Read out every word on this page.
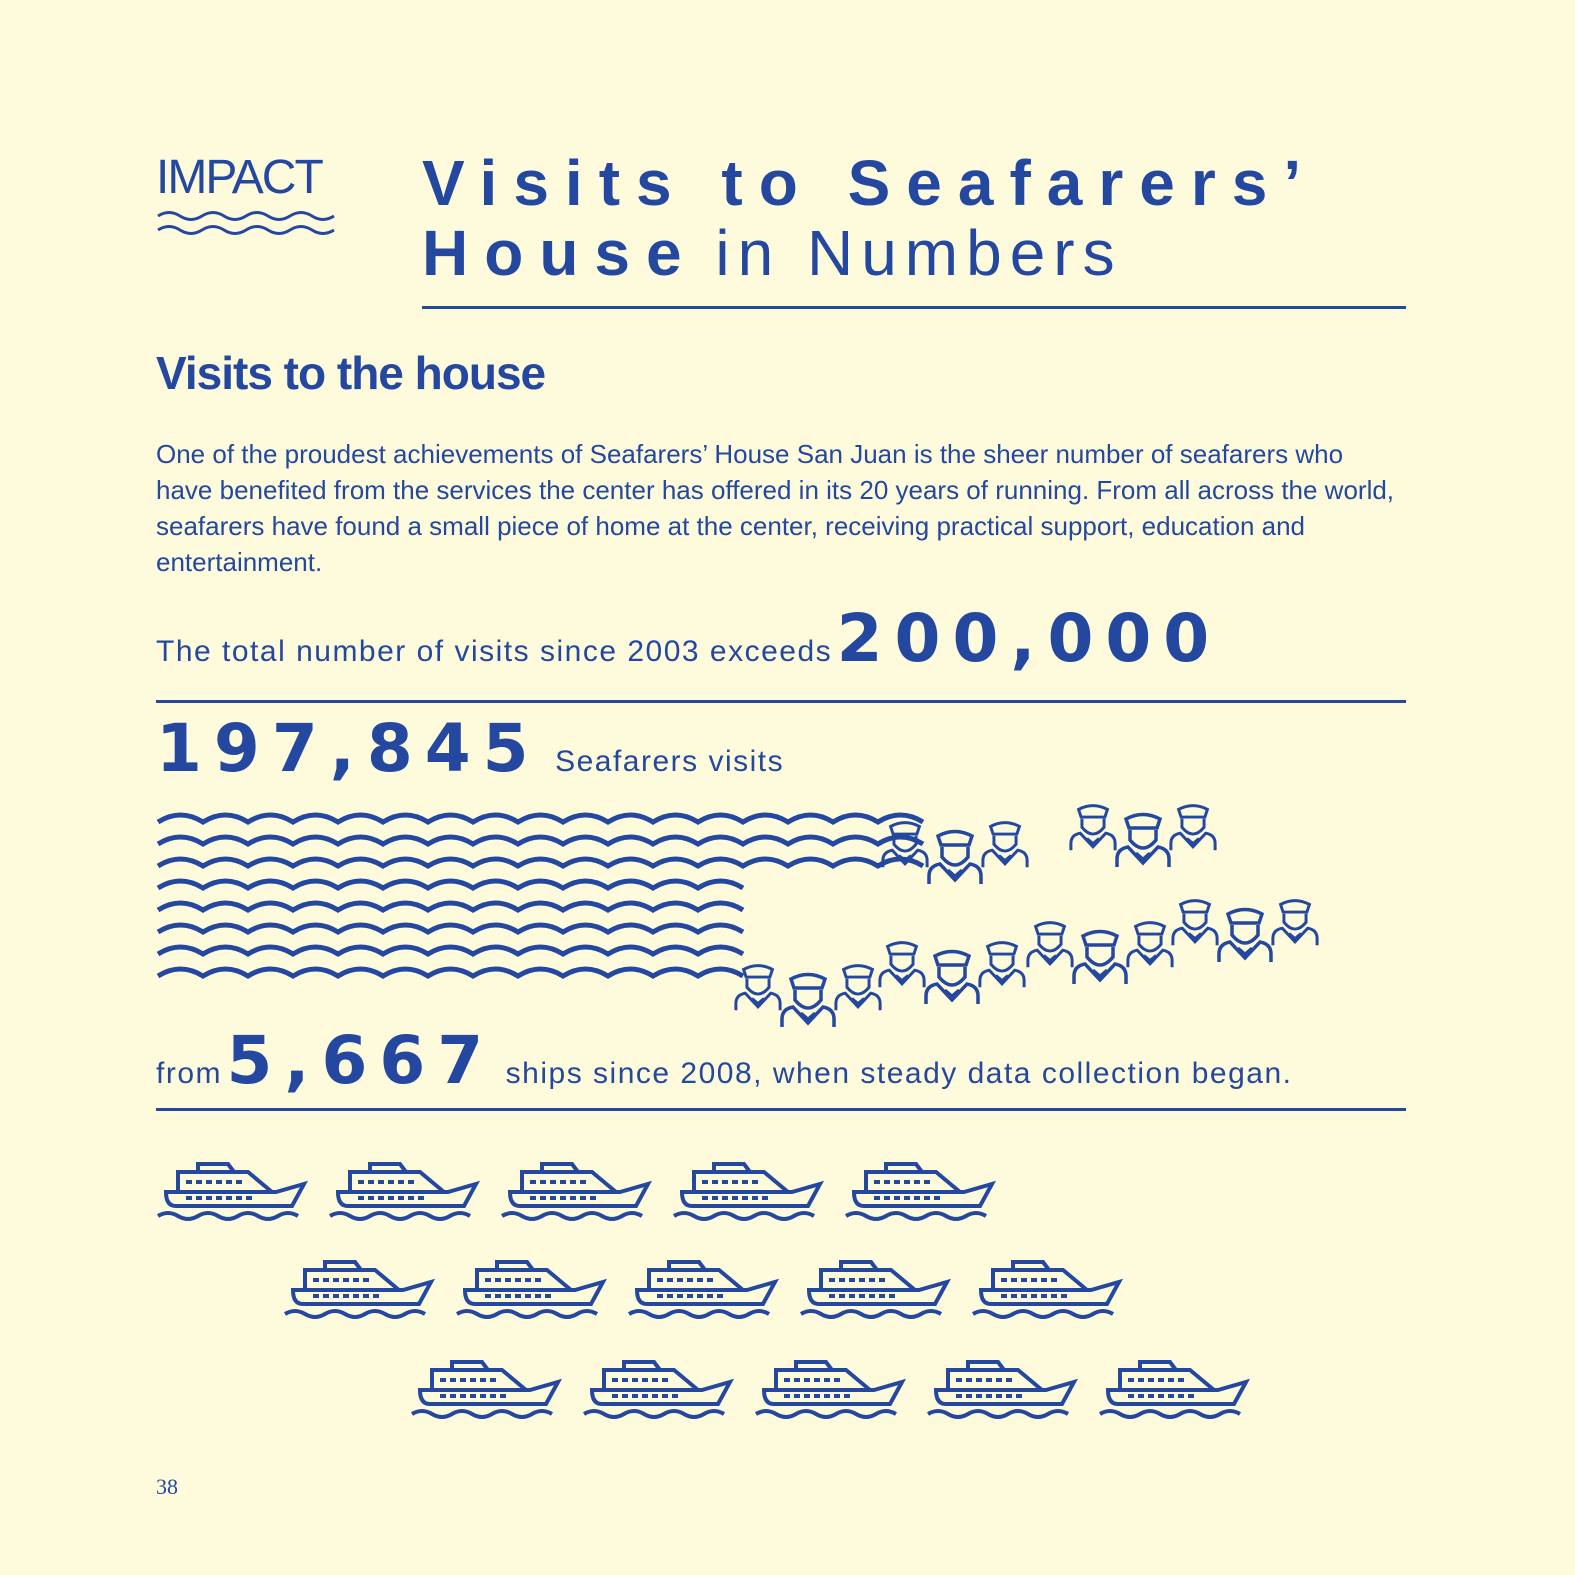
IMPACT Visits to Seafarers’
House in Numbers
Visits to the house
One of the proudest achievements of Seafarers’ House San Juan is the sheer number of seafarers who have benefited from the services the center has offered in its 20 years of running. From all across the world, seafarers have found a small piece of home at the center, receiving practical support, education and entertainment.
The total number of visits since 2003 exceeds 200,000
197,845 Seafarers visits
from 5,667 ships since 2008, when steady data collection began.
38
